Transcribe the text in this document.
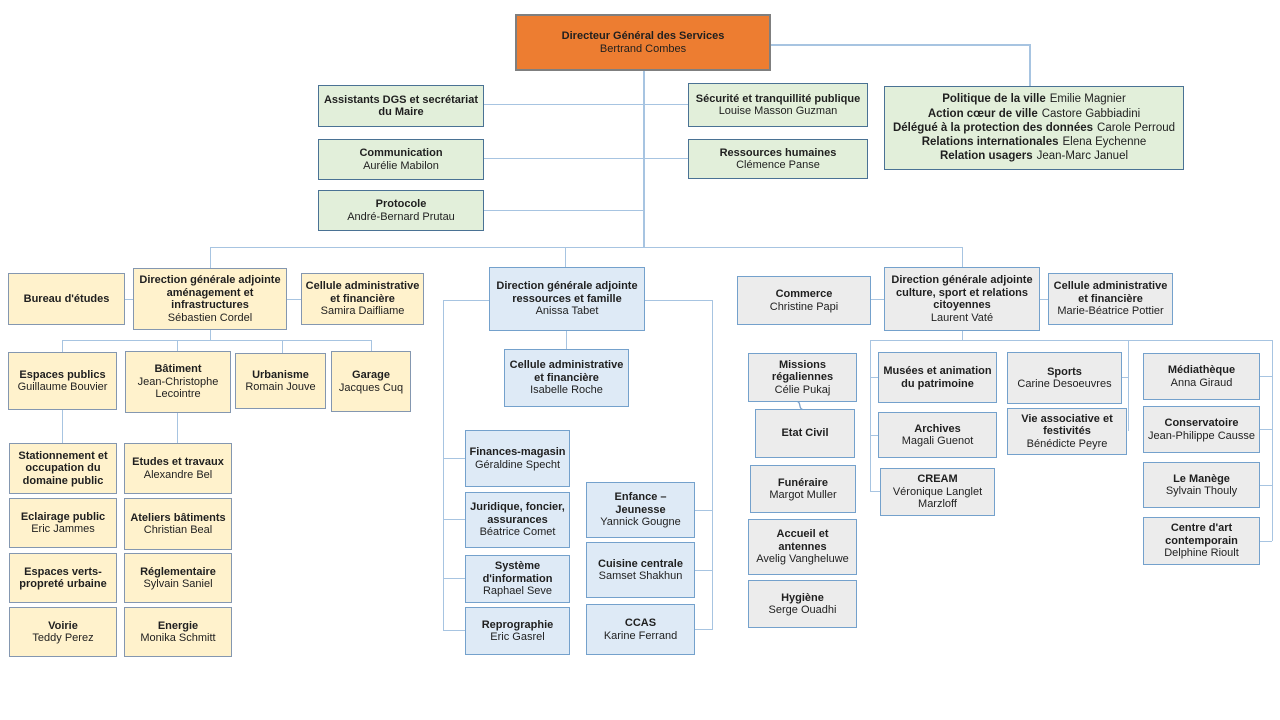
Directeur Général des Services
Bertrand Combes
Assistants DGS et secrétariat du Maire
Communication
Aurélie Mabilon
Protocole
André-Bernard Prutau
Sécurité et tranquillité publique
Louise Masson Guzman
Ressources humaines
Clémence Panse
Politique de la ville Emilie Magnier
Action cœur de ville Castore Gabbiadini
Délégué à la protection des données Carole Perroud
Relations internationales Elena Eychenne
Relation usagers Jean-Marc Januel
Bureau d'études
Direction générale adjointe aménagement et infrastructures
Sébastien Cordel
Cellule administrative et financière
Samira Daifliame
Espaces publics
Guillaume Bouvier
Bâtiment
Jean-Christophe Lecointre
Urbanisme
Romain Jouve
Garage
Jacques Cuq
Stationnement et occupation du domaine public
Eclairage public
Eric Jammes
Espaces verts- propreté urbaine
Voirie
Teddy Perez
Etudes et travaux
Alexandre Bel
Ateliers bâtiments
Christian Beal
Réglementaire
Sylvain Saniel
Energie
Monika Schmitt
Direction générale adjointe ressources et famille
Anissa Tabet
Cellule administrative et financière
Isabelle Roche
Finances-magasin
Géraldine Specht
Juridique, foncier, assurances
Béatrice Comet
Système d'information
Raphael Seve
Reprographie
Eric Gasrel
Enfance – Jeunesse
Yannick Gougne
Cuisine centrale
Samset Shakhun
CCAS
Karine Ferrand
Commerce
Christine Papi
Missions régaliennes
Célie Pukaj
Etat Civil
Funéraire
Margot Muller
Accueil et antennes
Avelig Vangheluwe
Hygiène
Serge Ouadhi
Direction générale adjointe culture, sport et relations citoyennes
Laurent Vaté
Cellule administrative et financière
Marie-Béatrice Pottier
Musées et animation du patrimoine
Archives
Magali Guenot
CREAM
Véronique Langlet Marzloff
Sports
Carine Desoeuvres
Vie associative et festivités
Bénédicte Peyre
Médiathèque
Anna Giraud
Conservatoire
Jean-Philippe Causse
Le Manège
Sylvain Thouly
Centre d'art contemporain
Delphine Rioult
